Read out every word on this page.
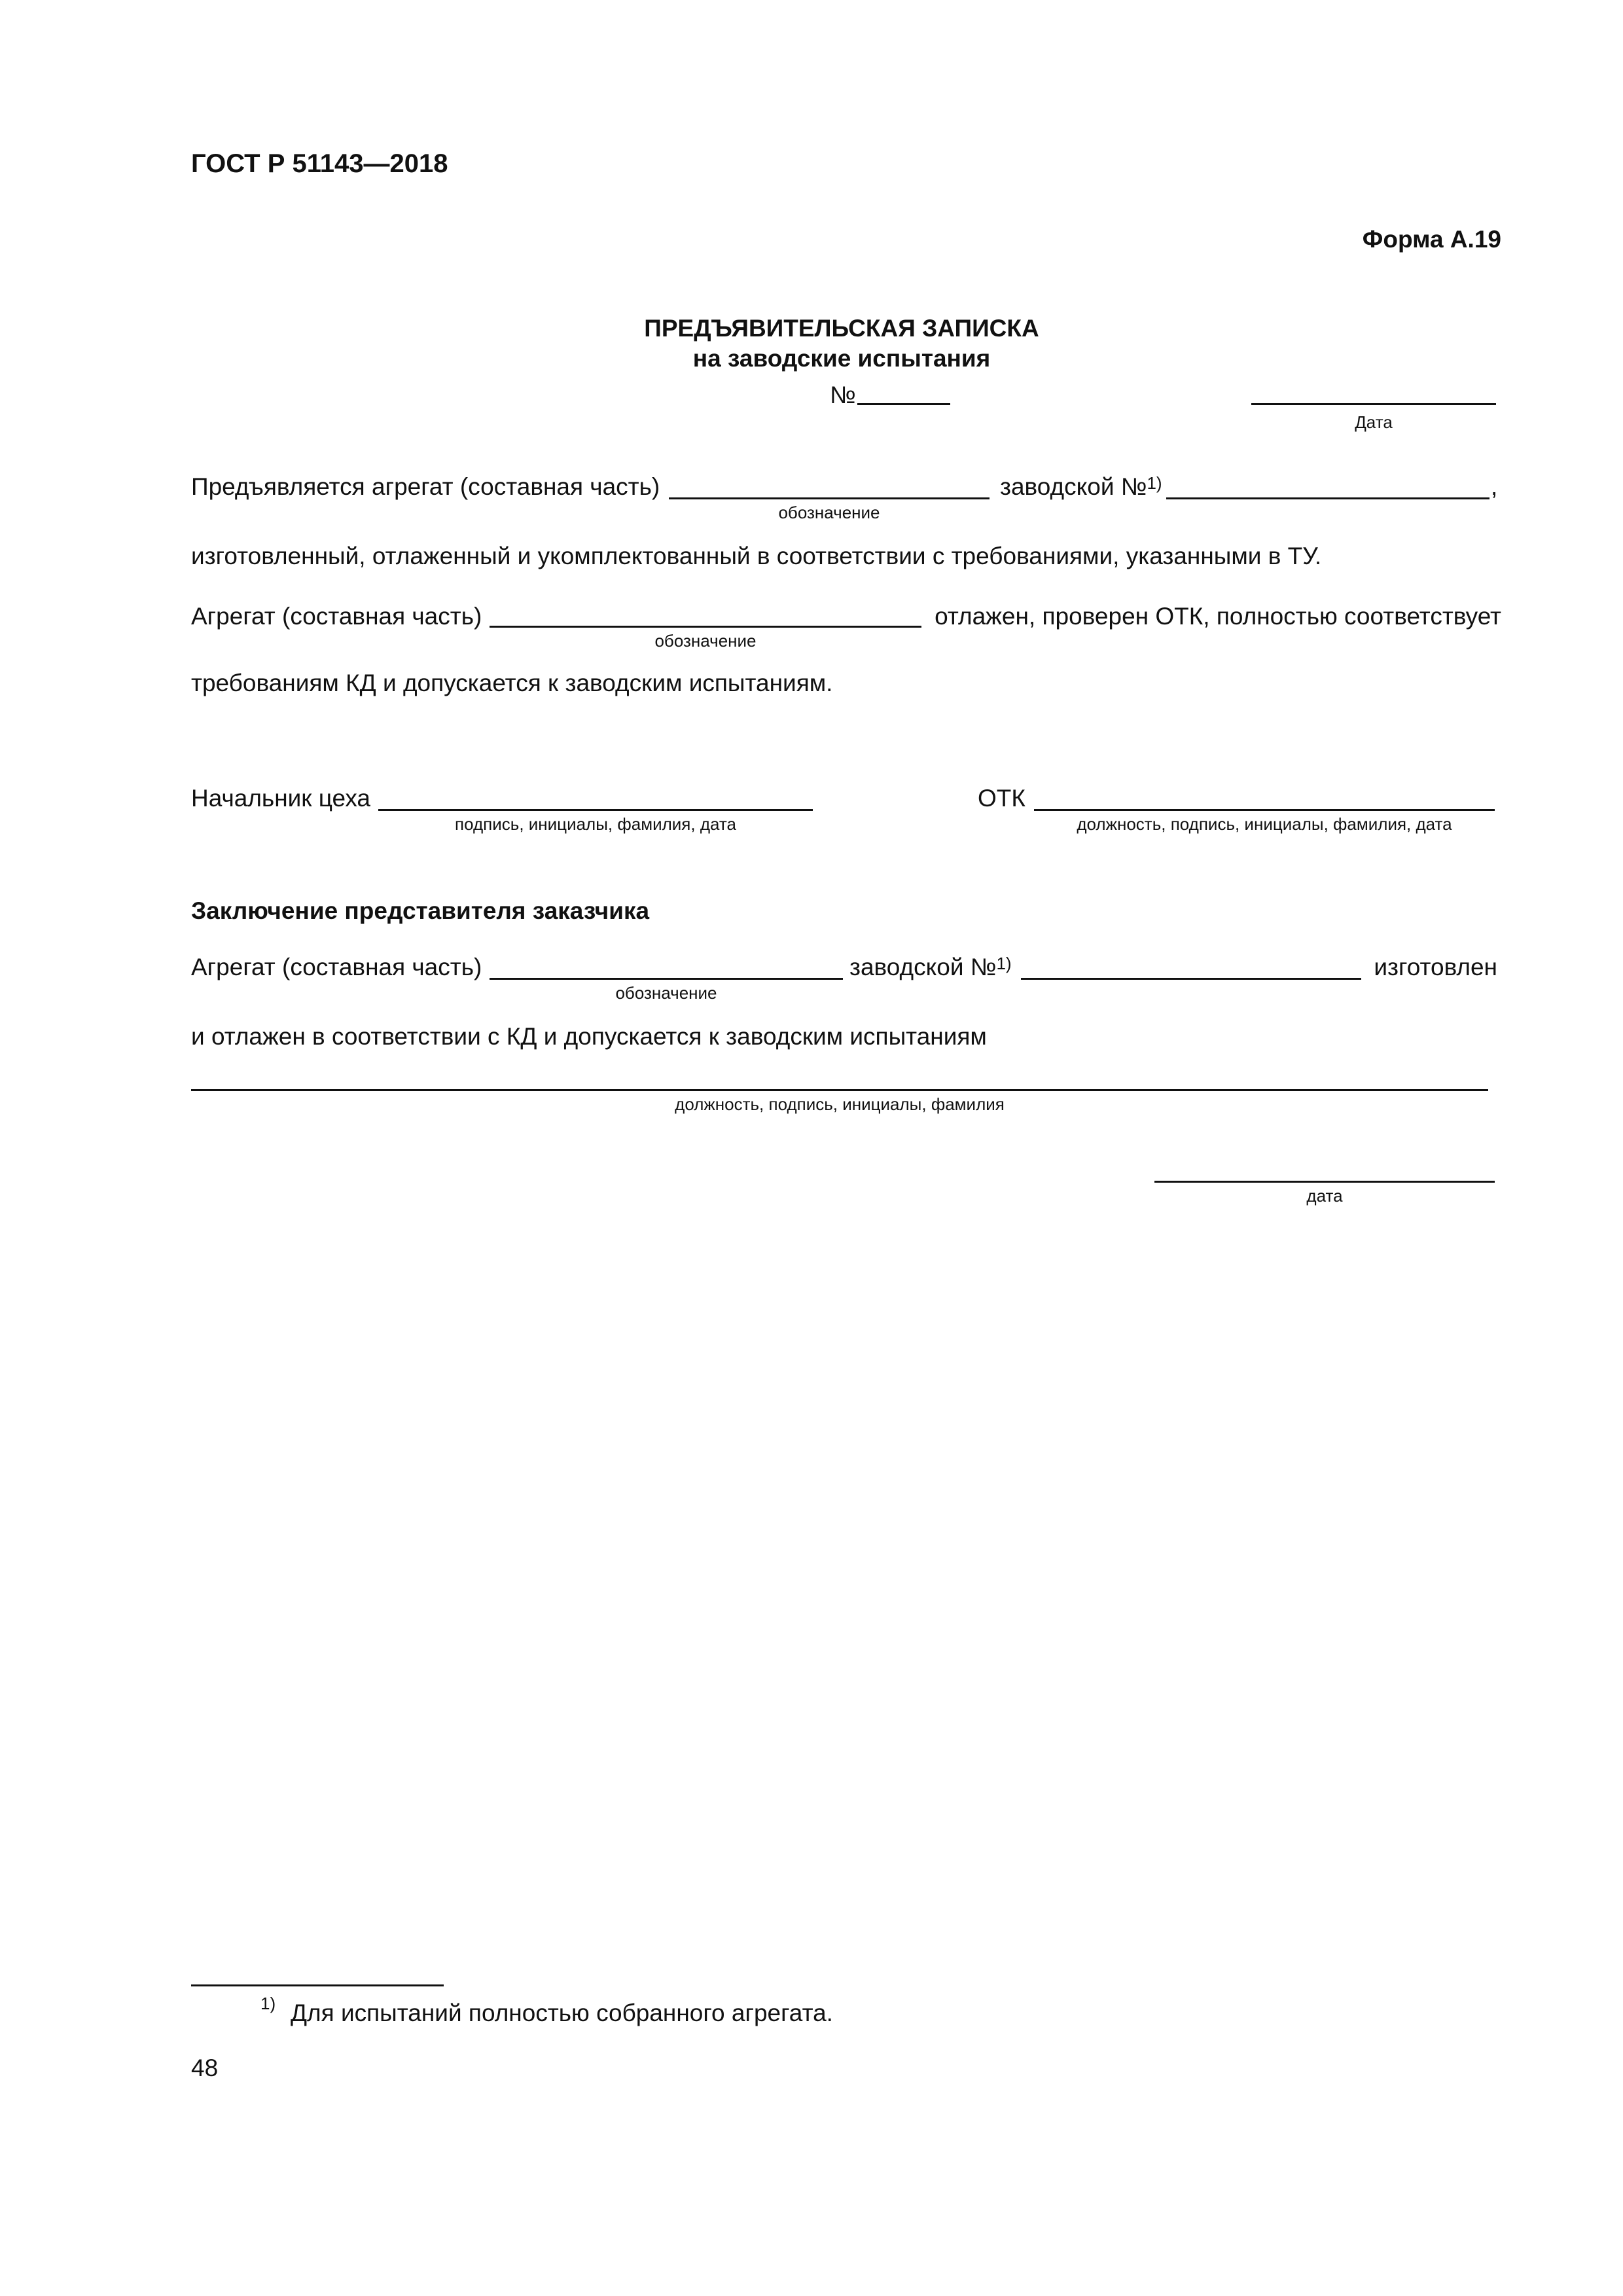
ГОСТ Р 51143—2018
Форма А.19
ПРЕДЪЯВИТЕЛЬСКАЯ ЗАПИСКА
на заводские испытания
№
Дата
Предъявляется агрегат (составная часть)
обозначение
заводской №$^{1)}$	,
изготовленный, отлаженный и укомплектованный в соответствии с требованиями, указанными в ТУ.
Агрегат (составная часть)
обозначение
отлажен, проверен ОТК, полностью соответствует
требованиям КД и допускается к заводским испытаниям.
Начальник цеха
подпись, инициалы, фамилия, дата
ОТК
должность, подпись, инициалы, фамилия, дата
Заключение представителя заказчика
Агрегат (составная часть)
обозначение
заводской №$^{1)}$	изготовлен
и отлажен в соответствии с КД и допускается к заводским испытаниям
должность, подпись, инициалы, фамилия
дата
1) Для испытаний полностью собранного агрегата.
48
